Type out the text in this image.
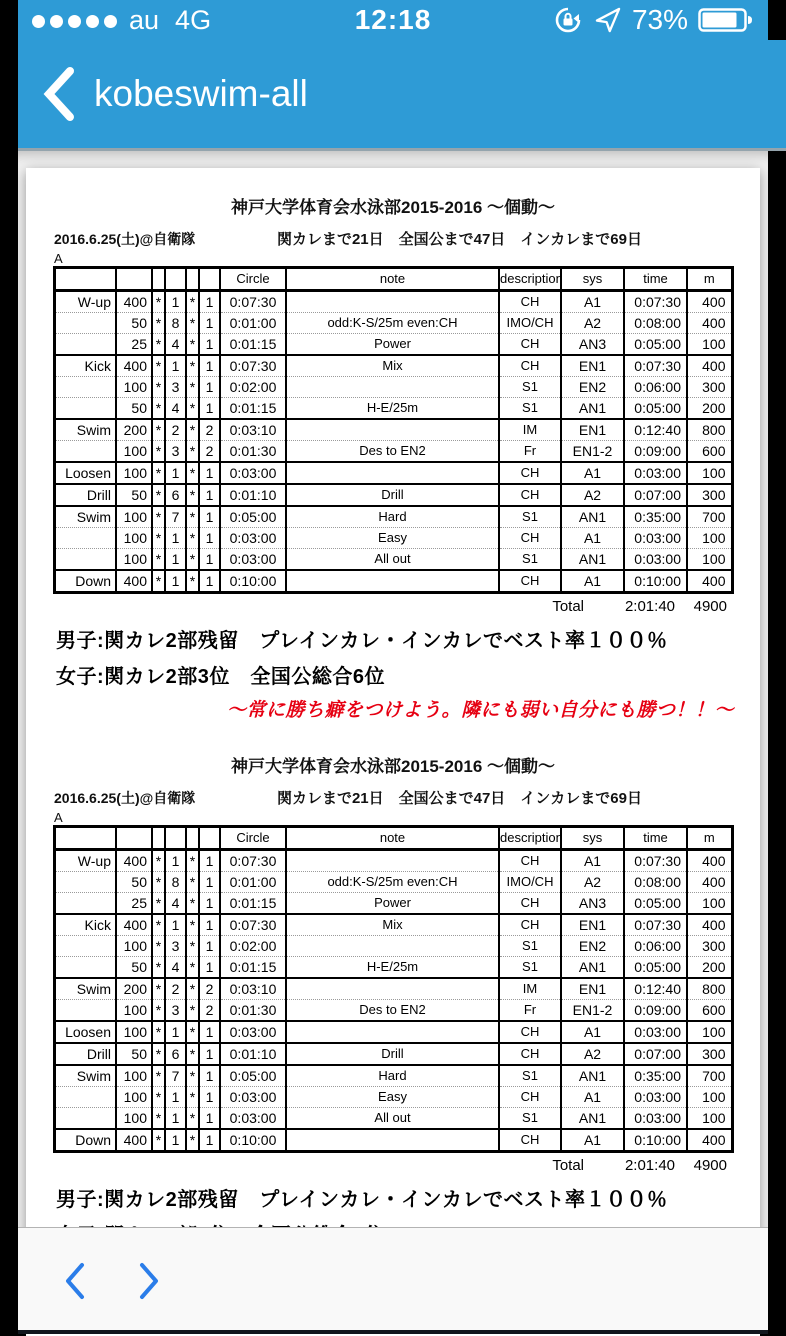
au 4G	12:18	73%
kobeswim-all
神戸大学体育会水泳部2015-2016 ～個動～
2016.6.25(土)@自衛隊	関カレまで21日　全国公まで47日　インカレまで69日
A
						Circle	note	description	sys	time	m
W-up	400	*	1	*	1	0:07:30		CH	A1	0:07:30	400
	50	*	8	*	1	0:01:00	odd:K-S/25m even:CH	IMO/CH	A2	0:08:00	400
	25	*	4	*	1	0:01:15	Power	CH	AN3	0:05:00	100
Kick	400	*	1	*	1	0:07:30	Mix	CH	EN1	0:07:30	400
	100	*	3	*	1	0:02:00		S1	EN2	0:06:00	300
	50	*	4	*	1	0:01:15	H-E/25m	S1	AN1	0:05:00	200
Swim	200	*	2	*	2	0:03:10		IM	EN1	0:12:40	800
	100	*	3	*	2	0:01:30	Des to EN2	Fr	EN1-2	0:09:00	600
Loosen	100	*	1	*	1	0:03:00		CH	A1	0:03:00	100
Drill	50	*	6	*	1	0:01:10	Drill	CH	A2	0:07:00	300
Swim	100	*	7	*	1	0:05:00	Hard	S1	AN1	0:35:00	700
	100	*	1	*	1	0:03:00	Easy	CH	A1	0:03:00	100
	100	*	1	*	1	0:03:00	All out	S1	AN1	0:03:00	100
Down	400	*	1	*	1	0:10:00		CH	A1	0:10:00	400
Total	2:01:40	4900
男子:関カレ2部残留　プレインカレ・インカレでベスト率１００％
女子:関カレ2部3位　全国公総合6位
～常に勝ち癖をつけよう。隣にも弱い自分にも勝つ！！～
神戸大学体育会水泳部2015-2016 ～個動～
2016.6.25(土)@自衛隊	関カレまで21日　全国公まで47日　インカレまで69日
A
						Circle	note	description	sys	time	m
W-up	400	*	1	*	1	0:07:30		CH	A1	0:07:30	400
	50	*	8	*	1	0:01:00	odd:K-S/25m even:CH	IMO/CH	A2	0:08:00	400
	25	*	4	*	1	0:01:15	Power	CH	AN3	0:05:00	100
Kick	400	*	1	*	1	0:07:30	Mix	CH	EN1	0:07:30	400
	100	*	3	*	1	0:02:00		S1	EN2	0:06:00	300
	50	*	4	*	1	0:01:15	H-E/25m	S1	AN1	0:05:00	200
Swim	200	*	2	*	2	0:03:10		IM	EN1	0:12:40	800
	100	*	3	*	2	0:01:30	Des to EN2	Fr	EN1-2	0:09:00	600
Loosen	100	*	1	*	1	0:03:00		CH	A1	0:03:00	100
Drill	50	*	6	*	1	0:01:10	Drill	CH	A2	0:07:00	300
Swim	100	*	7	*	1	0:05:00	Hard	S1	AN1	0:35:00	700
	100	*	1	*	1	0:03:00	Easy	CH	A1	0:03:00	100
	100	*	1	*	1	0:03:00	All out	S1	AN1	0:03:00	100
Down	400	*	1	*	1	0:10:00		CH	A1	0:10:00	400
Total	2:01:40	4900
男子:関カレ2部残留　プレインカレ・インカレでベスト率１００％
